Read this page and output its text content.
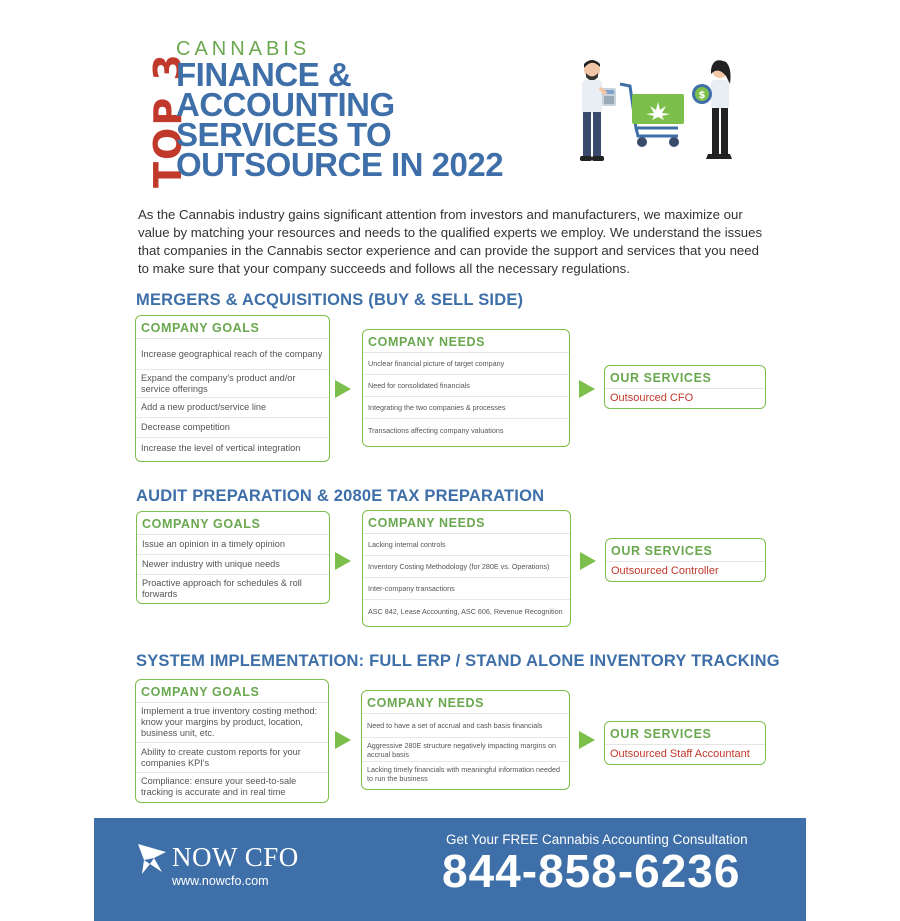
TOP 3
CANNABIS
FINANCE &
ACCOUNTING
SERVICES TO
OUTSOURCE IN 2022
$
As the Cannabis industry gains significant attention from investors and manufacturers, we maximize our value by matching your resources and needs to the qualified experts we employ. We understand the issues that companies in the Cannabis sector experience and can provide the support and services that you need to make sure that your company succeeds and follows all the necessary regulations.
MERGERS & ACQUISITIONS (BUY & SELL SIDE)
COMPANY GOALS
Increase geographical reach of the company
Expand the company's product and/or service offerings
Add a new product/service line
Decrease competition
Increase the level of vertical integration
COMPANY NEEDS
Unclear financial picture of target company
Need for consolidated financials
Integrating the two companies & processes
Transactions affecting company valuations
OUR SERVICES
Outsourced CFO
AUDIT PREPARATION & 2080E TAX PREPARATION
COMPANY GOALS
Issue an opinion in a timely opinion
Newer industry with unique needs
Proactive approach for schedules & roll forwards
COMPANY NEEDS
Lacking internal controls
Inventory Costing Methodology (for 280E vs. Operations)
Inter-company transactions
ASC 842, Lease Accounting, ASC 606, Revenue Recognition
OUR SERVICES
Outsourced Controller
SYSTEM IMPLEMENTATION: FULL ERP / STAND ALONE INVENTORY TRACKING
COMPANY GOALS
Implement a true inventory costing method: know your margins by product, location, business unit, etc.
Ability to create custom reports for your companies KPI's
Compliance: ensure your seed-to-sale tracking is accurate and in real time
COMPANY NEEDS
Need to have a set of accrual and cash basis financials
Aggressive 280E structure negatively impacting margins on accrual basis
Lacking timely financials with meaningful information needed to run the business
OUR SERVICES
Outsourced Staff Accountant
NOW CFO
www.nowcfo.com
Get Your FREE Cannabis Accounting Consultation
844-858-6236
